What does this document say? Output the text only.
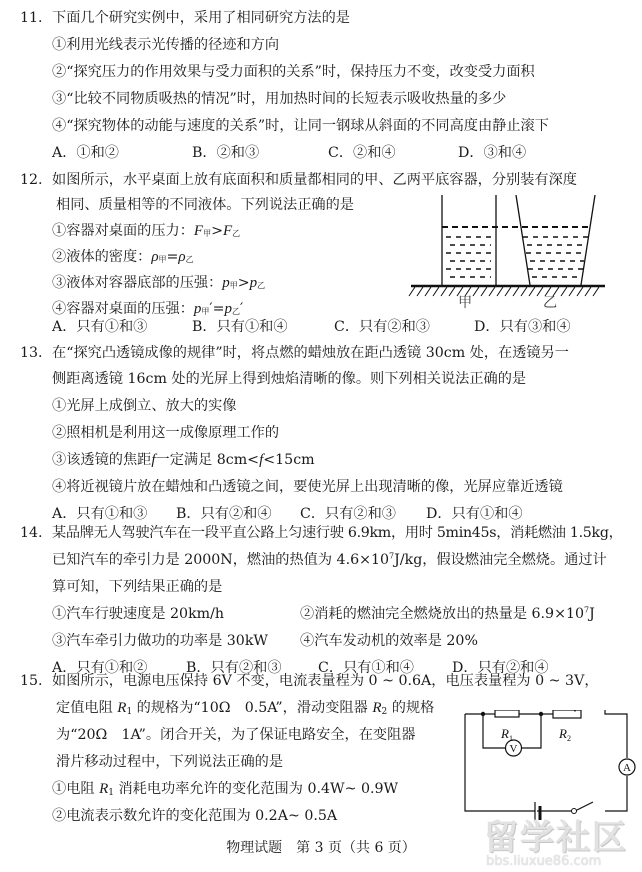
11. 下面几个研究实例中，采用了相同研究方法的是
①利用光线表示光传播的径迹和方向
②“探究压力的作用效果与受力面积的关系”时，保持压力不变，改变受力面积
③“比较不同物质吸热的情况”时，用加热时间的长短表示吸收热量的多少
④“探究物体的动能与速度的关系”时，让同一钢球从斜面的不同高度由静止滚下
A．①和②	B．②和③	C．②和④	D．③和④
12. 如图所示，水平桌面上放有底面积和质量都相同的甲、乙两平底容器，分别装有深度
相同、质量相等的不同液体。下列说法正确的是
①容器对桌面的压力：F甲>F乙
②液体的密度：ρ甲=ρ乙
③液体对容器底部的压强：p甲>p乙
④容器对桌面的压强：p甲′=p乙′
A．只有①和③	B．只有①和④	C．只有②和③	D．只有③和④
甲	乙
13. 在“探究凸透镜成像的规律”时，将点燃的蜡烛放在距凸透镜 30cm 处，在透镜另一
侧距离透镜 16cm 处的光屏上得到烛焰清晰的像。则下列相关说法正确的是
①光屏上成倒立、放大的实像
②照相机是利用这一成像原理工作的
③该透镜的焦距f一定满足 8cm<f<15cm
④将近视镜片放在蜡烛和凸透镜之间，要使光屏上出现清晰的像，光屏应靠近透镜
A．只有①和③ B．只有②和④ C．只有②和③ D．只有①和④
14. 某品牌无人驾驶汽车在一段平直公路上匀速行驶 6.9km，用时 5min45s，消耗燃油 1.5kg，
已知汽车的牵引力是 2000N，燃油的热值为 $4.6\times 10^7J/kg$，假设燃油完全燃烧。通过计
算可知，下列结果正确的是
①汽车行驶速度是 20km/h	②消耗的燃油完全燃烧放出的热量是 $6.9\times 10^7J$
③汽车牵引力做功的功率是 30kW ④汽车发动机的效率是 20%
A．只有①和②	B．只有②和③	C．只有①和④	D．只有②和④
15. 如图所示，电源电压保持 6V 不变，电流表量程为 0 ~ 0.6A，电压表量程为 0 ~ 3V，
定值电阻 R1 的规格为“10Ω　0.5A”，滑动变阻器 R2 的规格
为“20Ω　1A”。闭合开关，为了保证电路安全，在变阻器
滑片移动过程中，下列说法正确的是
①电阻 R1 消耗电功率允许的变化范围为 0.4W~ 0.9W
②电流表示数允许的变化范围为 0.2A~ 0.5A
V
A
$R_1$	$R_2$
留学社区
bbs.liuxue86.com
物理试题　第 3 页（共 6 页）
